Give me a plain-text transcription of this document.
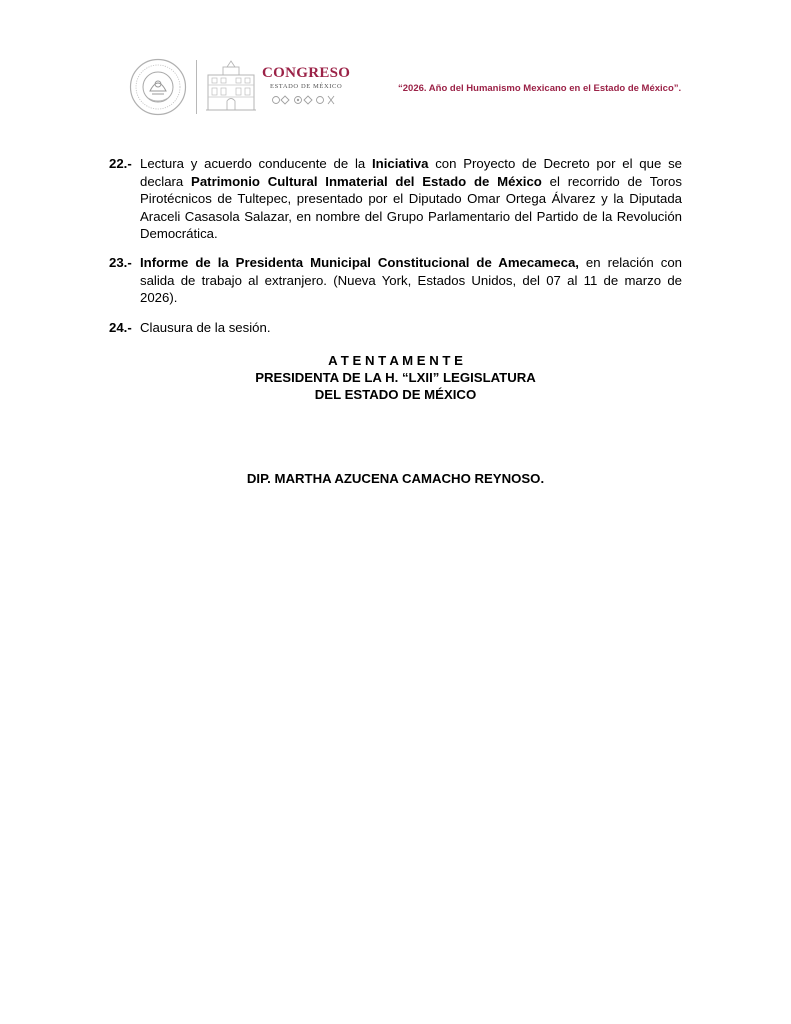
CONGRESO
ESTADO DE MÉXICO	“2026. Año del Humanismo Mexicano en el Estado de México”.
22.- Lectura y acuerdo conducente de la Iniciativa con Proyecto de Decreto por el que se declara Patrimonio Cultural Inmaterial del Estado de México el recorrido de Toros Pirotécnicos de Tultepec, presentado por el Diputado Omar Ortega Álvarez y la Diputada Araceli Casasola Salazar, en nombre del Grupo Parlamentario del Partido de la Revolución Democrática.
23.- Informe de la Presidenta Municipal Constitucional de Amecameca, en relación con salida de trabajo al extranjero. (Nueva York, Estados Unidos, del 07 al 11 de marzo de 2026).
24.- Clausura de la sesión.
A T E N T A M E N T E
PRESIDENTA DE LA H. “LXII” LEGISLATURA
DEL ESTADO DE MÉXICO
DIP. MARTHA AZUCENA CAMACHO REYNOSO.
